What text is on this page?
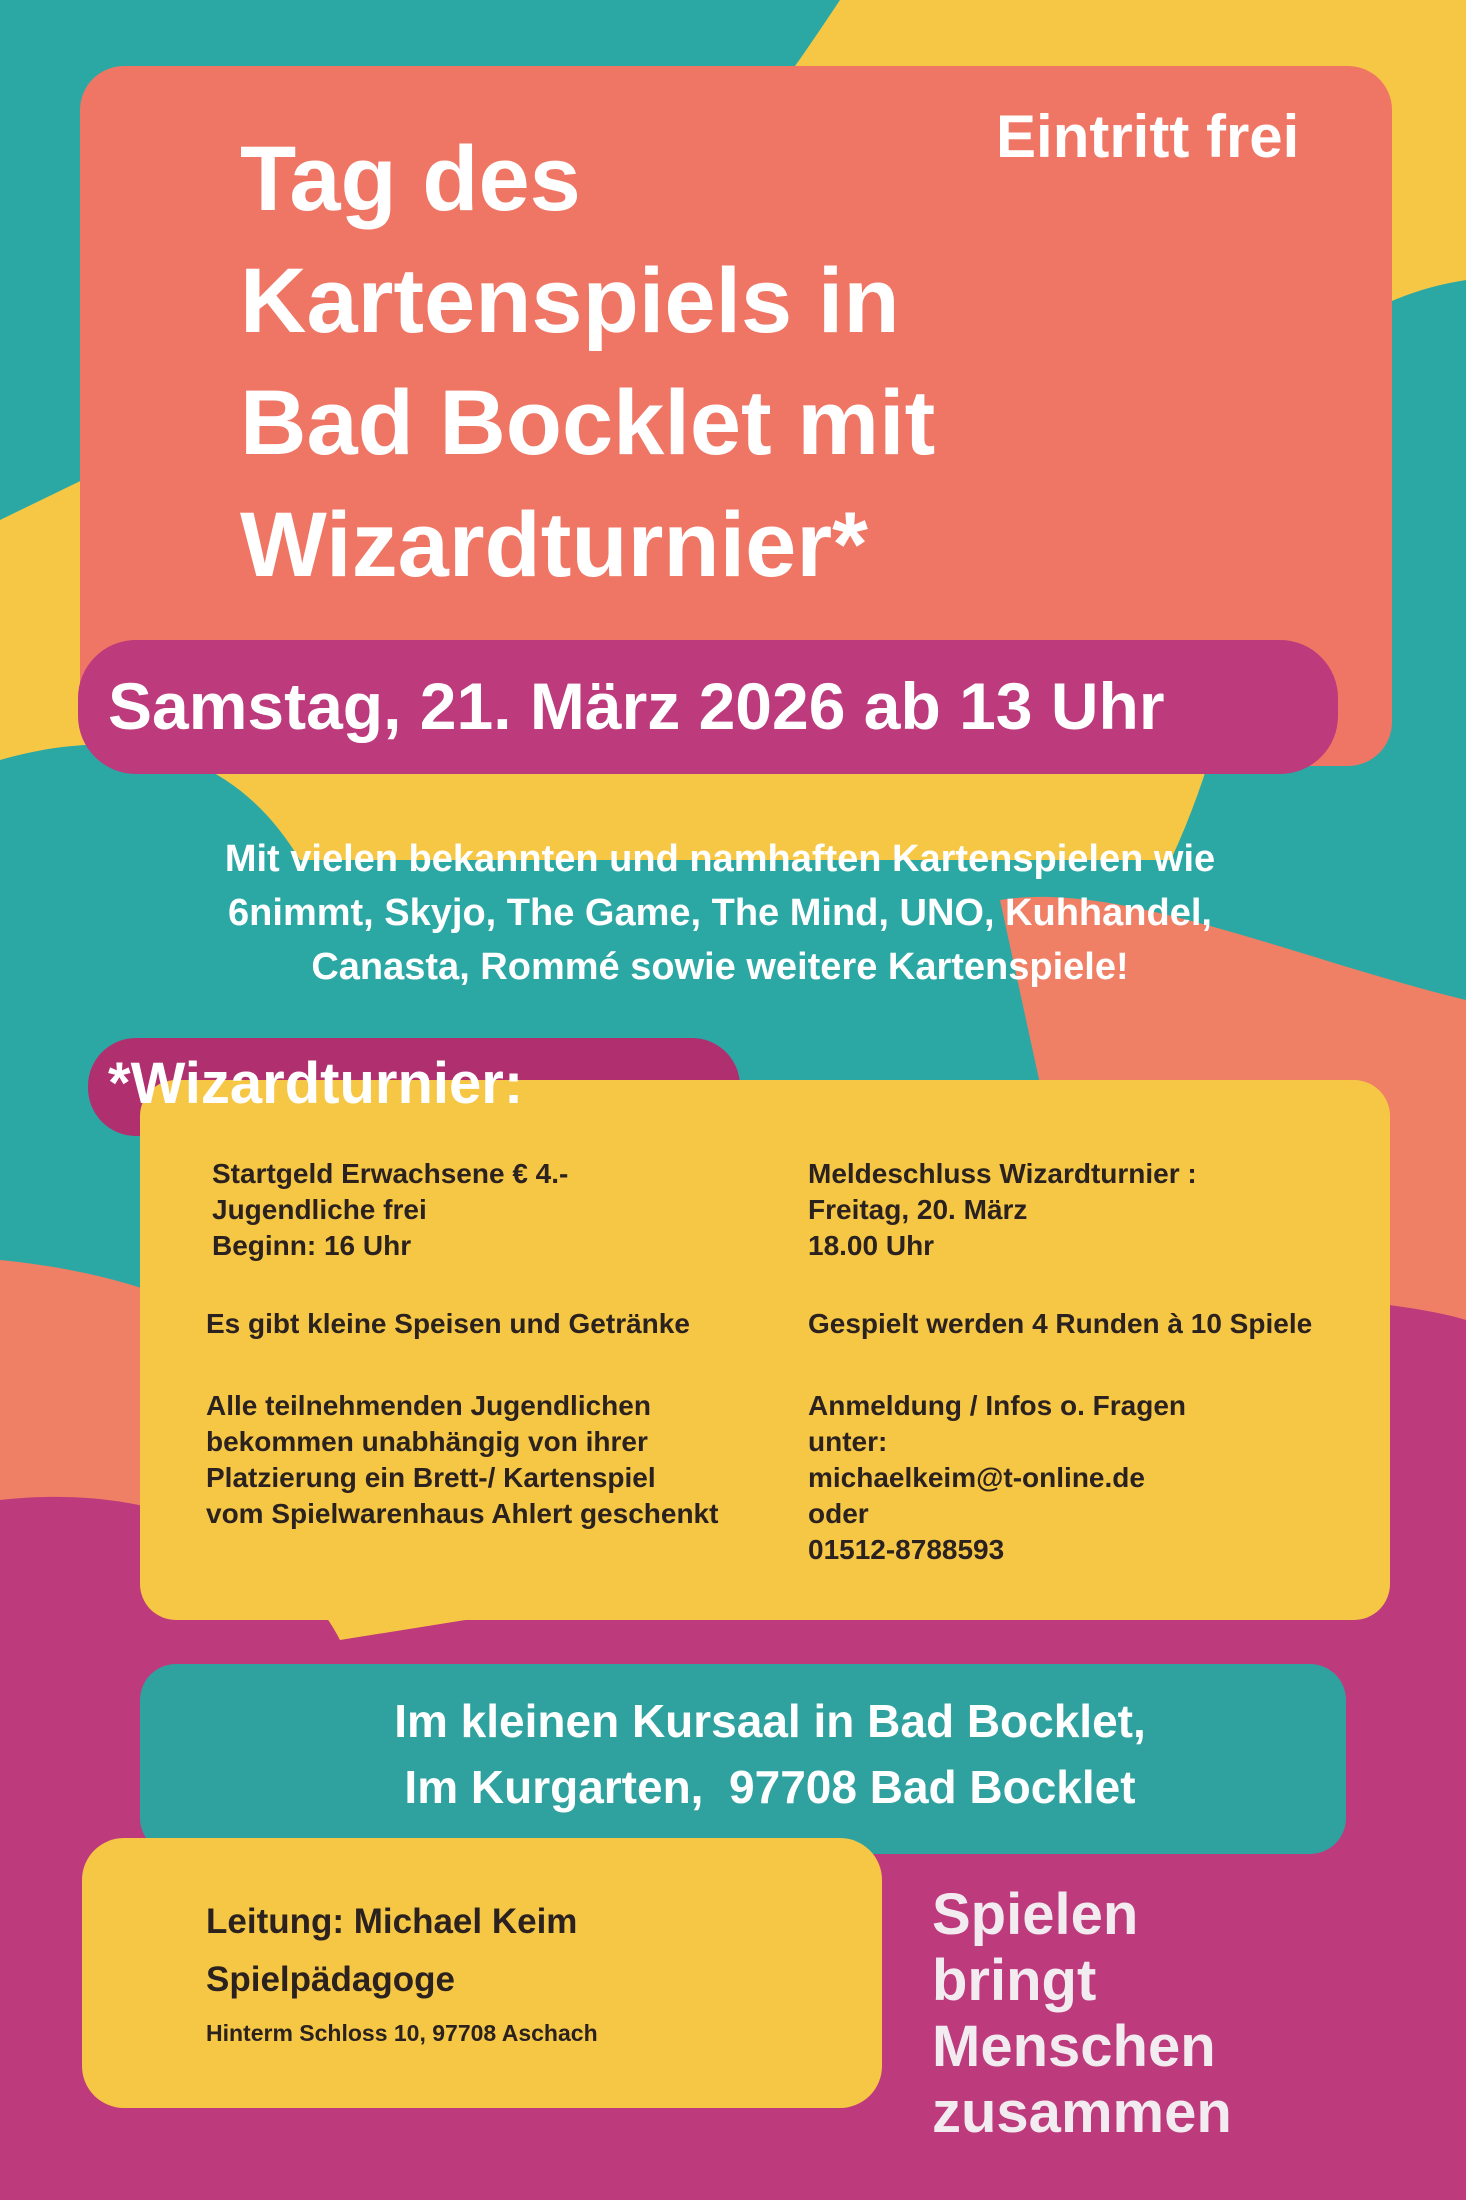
Tag des Kartenspiels in Bad Bocklet mit Wizardturnier*
Eintritt frei
Samstag, 21. März 2026 ab 13 Uhr
Mit vielen bekannten und namhaften Kartenspielen wie
6nimmt, Skyjo, The Game, The Mind, UNO, Kuhhandel,
Canasta, Rommé sowie weitere Kartenspiele!
*Wizardturnier:
Startgeld Erwachsene € 4.-
Jugendliche frei
Beginn: 16 Uhr
Es gibt kleine Speisen und Getränke
Alle teilnehmenden Jugendlichen
bekommen unabhängig von ihrer
Platzierung ein Brett-/ Kartenspiel
vom Spielwarenhaus Ahlert geschenkt
Meldeschluss Wizardturnier :
Freitag, 20. März
18.00 Uhr
Gespielt werden 4 Runden à 10 Spiele
Anmeldung / Infos o. Fragen
unter:
michaelkeim@t-online.de
oder
01512-8788593
Im kleinen Kursaal in Bad Bocklet,
Im Kurgarten,  97708 Bad Bocklet
Leitung: Michael Keim
Spielpädagoge
Hinterm Schloss 10, 97708 Aschach
Spielen
bringt
Menschen
zusammen
